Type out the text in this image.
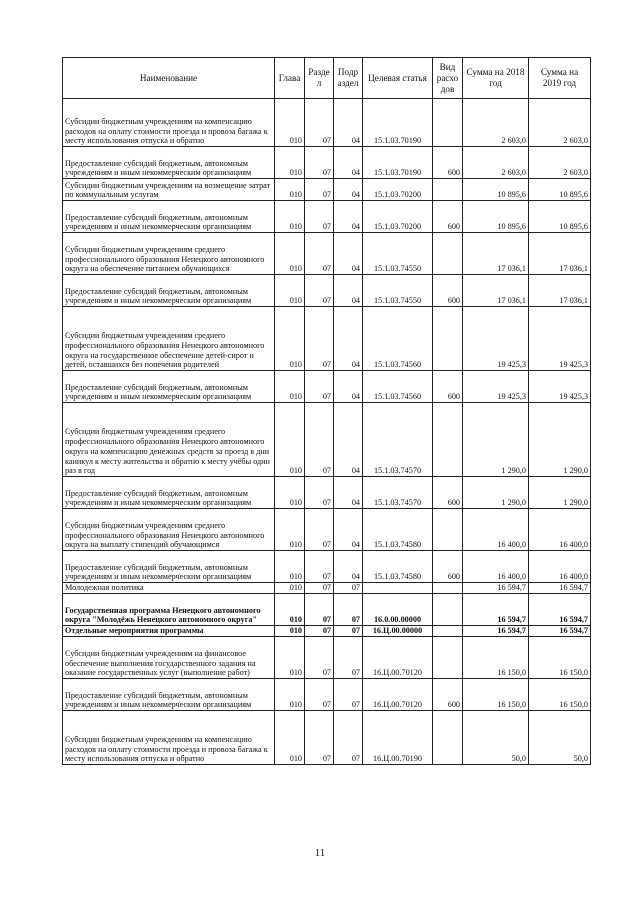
Наименование	Глава	Разде л	Подр аздел	Целевая статья	Вид расхо дов	Сумма на 2018 год	Сумма на 2019 год
Субсидии бюджетным учреждениям на компенсацию расходов на оплату стоимости проезда и провоза багажа к месту использования отпуска и обратно	010	07	04	15.1.03.70190		2 603,0	2 603,0
Предоставление субсидий бюджетным, автономным учреждениям и иным некоммерческим организациям	010	07	04	15.1.03.70190	600	2 603,0	2 603,0
Субсидии бюджетным учреждениям на возмещение затрат по коммунальным услугам	010	07	04	15.1.03.70200		10 895,6	10 895,6
Предоставление субсидий бюджетным, автономным учреждениям и иным некоммерческим организациям	010	07	04	15.1.03.70200	600	10 895,6	10 895,6
Субсидии бюджетным учреждениям среднего профессионального образования Ненецкого автономного округа на обеспечение питанием обучающихся	010	07	04	15.1.03.74550		17 036,1	17 036,1
Предоставление субсидий бюджетным, автономным учреждениям и иным некоммерческим организациям	010	07	04	15.1.03.74550	600	17 036,1	17 036,1
Субсидии бюджетным учреждениям среднего профессионального образования Ненецкого автономного округа на государственное обеспечение детей-сирот и детей, оставшихся без попечения родителей	010	07	04	15.1.03.74560		19 425,3	19 425,3
Предоставление субсидий бюджетным, автономным учреждениям и иным некоммерческим организациям	010	07	04	15.1.03.74560	600	19 425,3	19 425,3
Субсидии бюджетным учреждениям среднего профессионального образования Ненецкого автономного округа на компенсацию денежных средств за проезд в дни каникул к месту жительства и обратно к месту учёбы один раз в год	010	07	04	15.1.03.74570		1 290,0	1 290,0
Предоставление субсидий бюджетным, автономным учреждениям и иным некоммерческим организациям	010	07	04	15.1.03.74570	600	1 290,0	1 290,0
Субсидии бюджетным учреждениям среднего профессионального образования Ненецкого автономного округа на выплату стипендий обучающимся	010	07	04	15.1.03.74580		16 400,0	16 400,0
Предоставление субсидий бюджетным, автономным учреждениям и иным некоммерческим организациям	010	07	04	15.1.03.74580	600	16 400,0	16 400,0
Молодежная политика	010	07	07			16 594,7	16 594,7
Государственная программа Ненецкого автономного округа "Молодёжь Ненецкого автономного округа"	010	07	07	16.0.00.00000		16 594,7	16 594,7
Отдельные мероприятия программы	010	07	07	16.Ц.00.00000		16 594,7	16 594,7
Субсидии бюджетным учреждениям на финансовое обеспечение выполнения государственного задания на оказание государственных услуг (выполнение работ)	010	07	07	16.Ц.00.70120		16 150,0	16 150,0
Предоставление субсидий бюджетным, автономным учреждениям и иным некоммерческим организациям	010	07	07	16.Ц.00.70120	600	16 150,0	16 150,0
Субсидии бюджетным учреждениям на компенсацию расходов на оплату стоимости проезда и провоза багажа к месту использования отпуска и обратно	010	07	07	16.Ц.00.70190		50,0	50,0
11
